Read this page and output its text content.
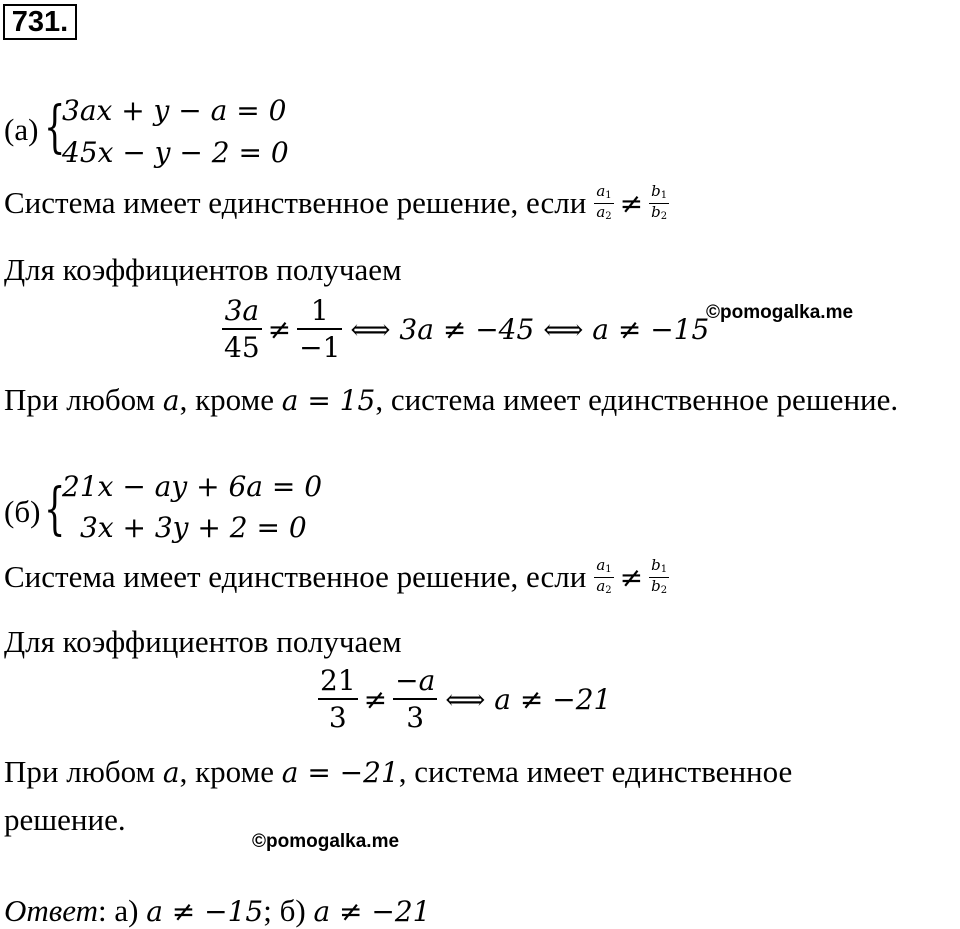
731.
(a) {
3ax + y − a = 0
45x − y − 2 = 0
Система имеет единственное решение, если $\frac{a_1}{a_2} \ne \frac{b_1}{b_2}$
Для коэффициентов получаем
$\frac{3a}{45} \ne \frac{1}{-1}$ ⟺ 3a ≠ −45 ⟺ a ≠ −15
©pomogalka.me
При любом a, кроме a = 15, система имеет единственное решение.
(б) {
21x − ay + 6a = 0
3x + 3y + 2 = 0
Система имеет единственное решение, если $\frac{a_1}{a_2} \ne \frac{b_1}{b_2}$
Для коэффициентов получаем
$\frac{21}{3} \ne \frac{-a}{3}$ ⟺ a ≠ −21
При любом a, кроме a = −21, система имеет единственное
решение.
©pomogalka.me
Ответ: а) a ≠ −15; б) a ≠ −21
